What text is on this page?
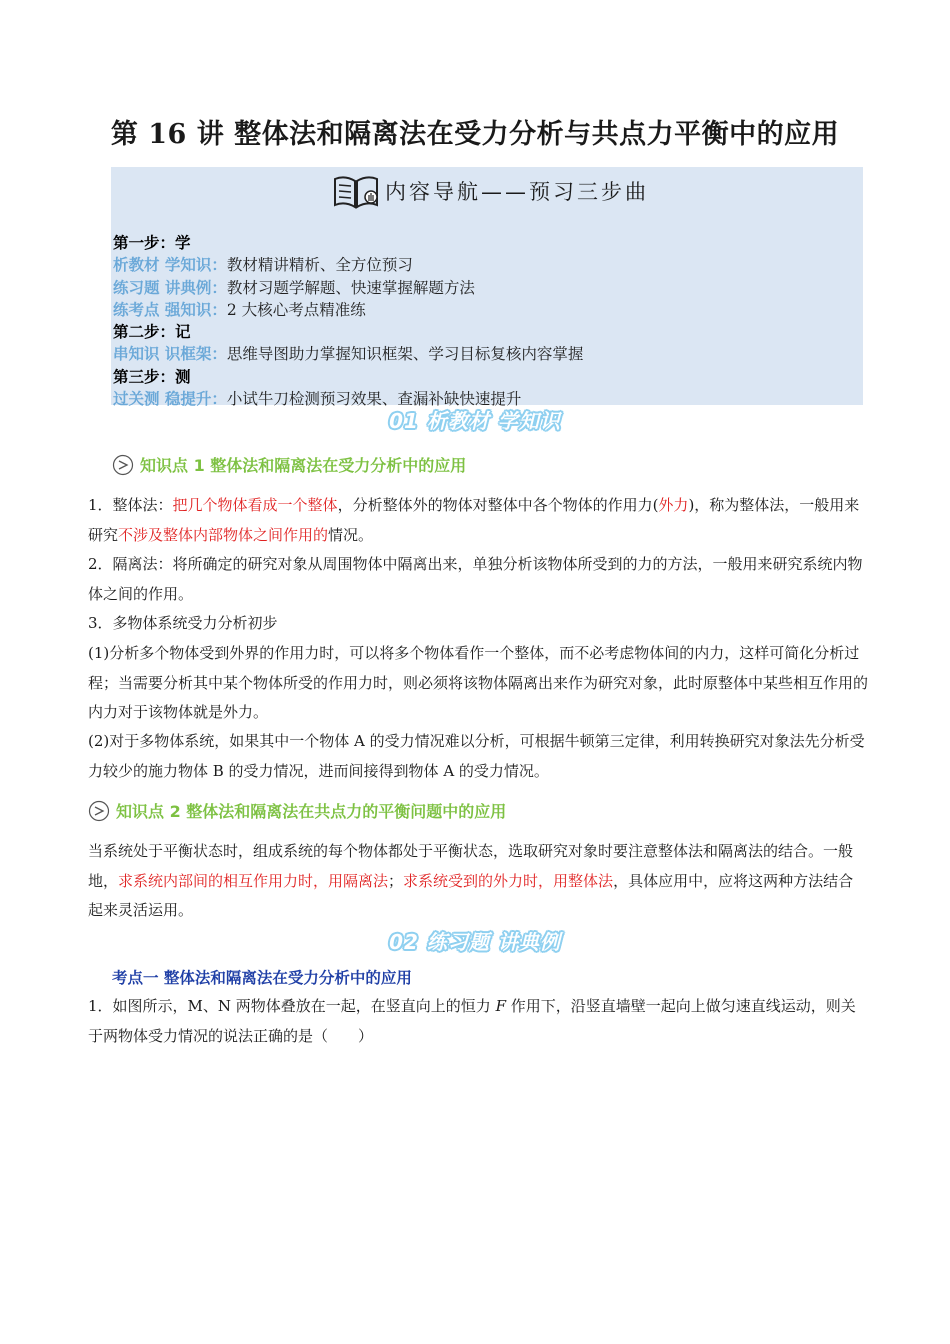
第 16 讲 整体法和隔离法在受力分析与共点力平衡中的应用
内容导航——预习三步曲
第一步：学
析教材 学知识：教材精讲精析、全方位预习
练习题 讲典例：教材习题学解题、快速掌握解题方法
练考点 强知识：2 大核心考点精准练
第二步：记
串知识 识框架：思维导图助力掌握知识框架、学习目标复核内容掌握
第三步：测
过关测 稳提升：小试牛刀检测预习效果、查漏补缺快速提升
01 析教材 学知识
知识点 1 整体法和隔离法在受力分析中的应用
1．整体法：把几个物体看成一个整体，分析整体外的物体对整体中各个物体的作用力(外力)，称为整体法，一般用来研究不涉及整体内部物体之间作用的情况。
2．隔离法：将所确定的研究对象从周围物体中隔离出来，单独分析该物体所受到的力的方法，一般用来研究系统内物体之间的作用。
3．多物体系统受力分析初步
(1)分析多个物体受到外界的作用力时，可以将多个物体看作一个整体，而不必考虑物体间的内力，这样可简化分析过程；当需要分析其中某个物体所受的作用力时，则必须将该物体隔离出来作为研究对象，此时原整体中某些相互作用的内力对于该物体就是外力。
(2)对于多物体系统，如果其中一个物体 A 的受力情况难以分析，可根据牛顿第三定律，利用转换研究对象法先分析受力较少的施力物体 B 的受力情况，进而间接得到物体 A 的受力情况。
知识点 2 整体法和隔离法在共点力的平衡问题中的应用
当系统处于平衡状态时，组成系统的每个物体都处于平衡状态，选取研究对象时要注意整体法和隔离法的结合。一般地，求系统内部间的相互作用力时，用隔离法；求系统受到的外力时，用整体法，具体应用中，应将这两种方法结合起来灵活运用。
02 练习题 讲典例
考点一 整体法和隔离法在受力分析中的应用
1．如图所示，M、N 两物体叠放在一起，在竖直向上的恒力 F 作用下，沿竖直墙壁一起向上做匀速直线运动，则关于两物体受力情况的说法正确的是（　　）
